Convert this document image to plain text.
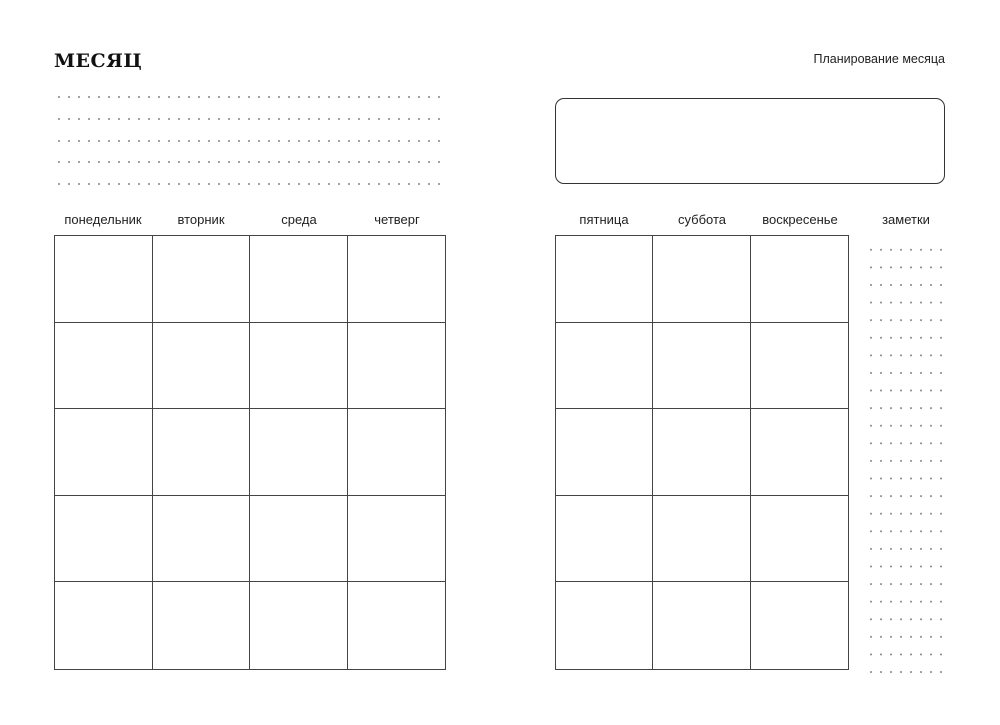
МЕСЯЦ	Планирование месяца
понедельник	вторник	среда	четверг	пятница	суббота	воскресенье	заметки
